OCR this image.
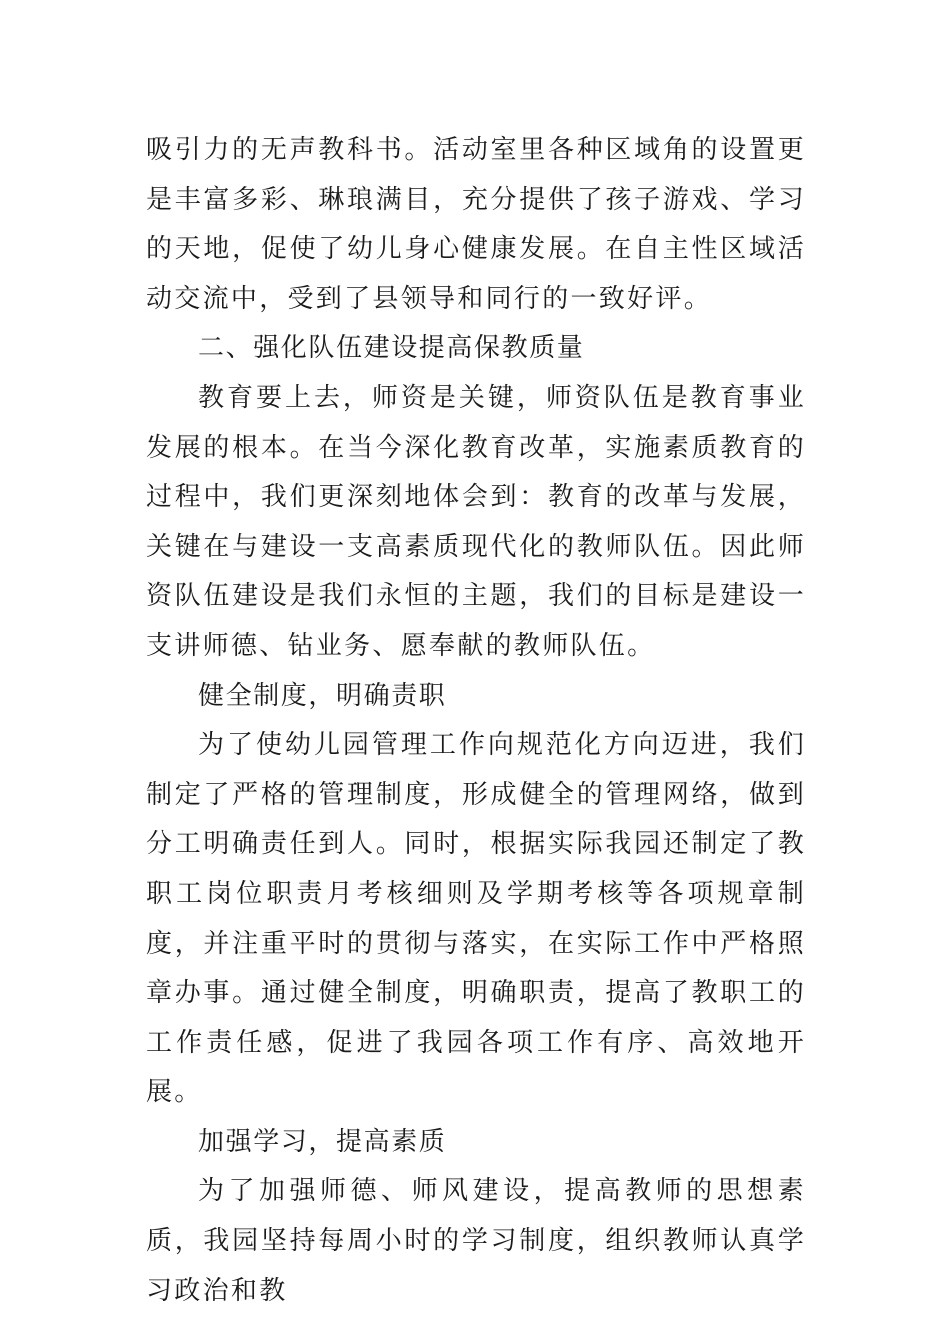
吸引力的无声教科书。活动室里各种区域角的设置更是丰富多彩、琳琅满目，充分提供了孩子游戏、学习的天地，促使了幼儿身心健康发展。在自主性区域活动交流中，受到了县领导和同行的一致好评。

二、强化队伍建设提高保教质量

教育要上去，师资是关键，师资队伍是教育事业发展的根本。在当今深化教育改革，实施素质教育的过程中，我们更深刻地体会到：教育的改革与发展，关键在与建设一支高素质现代化的教师队伍。因此师资队伍建设是我们永恒的主题，我们的目标是建设一支讲师德、钻业务、愿奉献的教师队伍。

健全制度，明确责职

为了使幼儿园管理工作向规范化方向迈进，我们制定了严格的管理制度，形成健全的管理网络，做到分工明确责任到人。同时，根据实际我园还制定了教职工岗位职责月考核细则及学期考核等各项规章制度，并注重平时的贯彻与落实，在实际工作中严格照章办事。通过健全制度，明确职责，提高了教职工的工作责任感，促进了我园各项工作有序、高效地开展。

加强学习，提高素质

为了加强师德、师风建设，提高教师的思想素质，我园坚持每周小时的学习制度，组织教师认真学习政治和教
